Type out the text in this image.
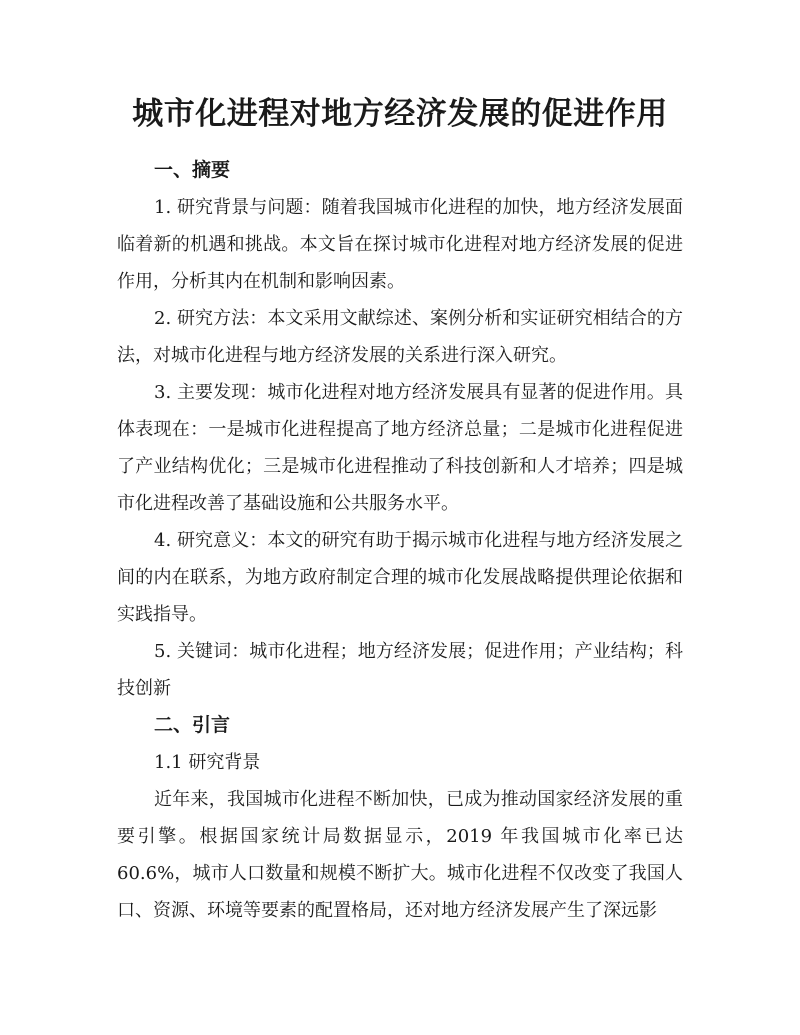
城市化进程对地方经济发展的促进作用
一、摘要

1. 研究背景与问题：随着我国城市化进程的加快，地方经济发展面临着新的机遇和挑战。本文旨在探讨城市化进程对地方经济发展的促进作用，分析其内在机制和影响因素。

2. 研究方法：本文采用文献综述、案例分析和实证研究相结合的方法，对城市化进程与地方经济发展的关系进行深入研究。

3. 主要发现：城市化进程对地方经济发展具有显著的促进作用。具体表现在：一是城市化进程提高了地方经济总量；二是城市化进程促进了产业结构优化；三是城市化进程推动了科技创新和人才培养；四是城市化进程改善了基础设施和公共服务水平。

4. 研究意义：本文的研究有助于揭示城市化进程与地方经济发展之间的内在联系，为地方政府制定合理的城市化发展战略提供理论依据和实践指导。

5. 关键词：城市化进程；地方经济发展；促进作用；产业结构；科技创新

二、引言

1.1 研究背景

近年来，我国城市化进程不断加快，已成为推动国家经济发展的重要引擎。根据国家统计局数据显示，2019 年我国城市化率已达 60.6%，城市人口数量和规模不断扩大。城市化进程不仅改变了我国人口、资源、环境等要素的配置格局，还对地方经济发展产生了深远影
